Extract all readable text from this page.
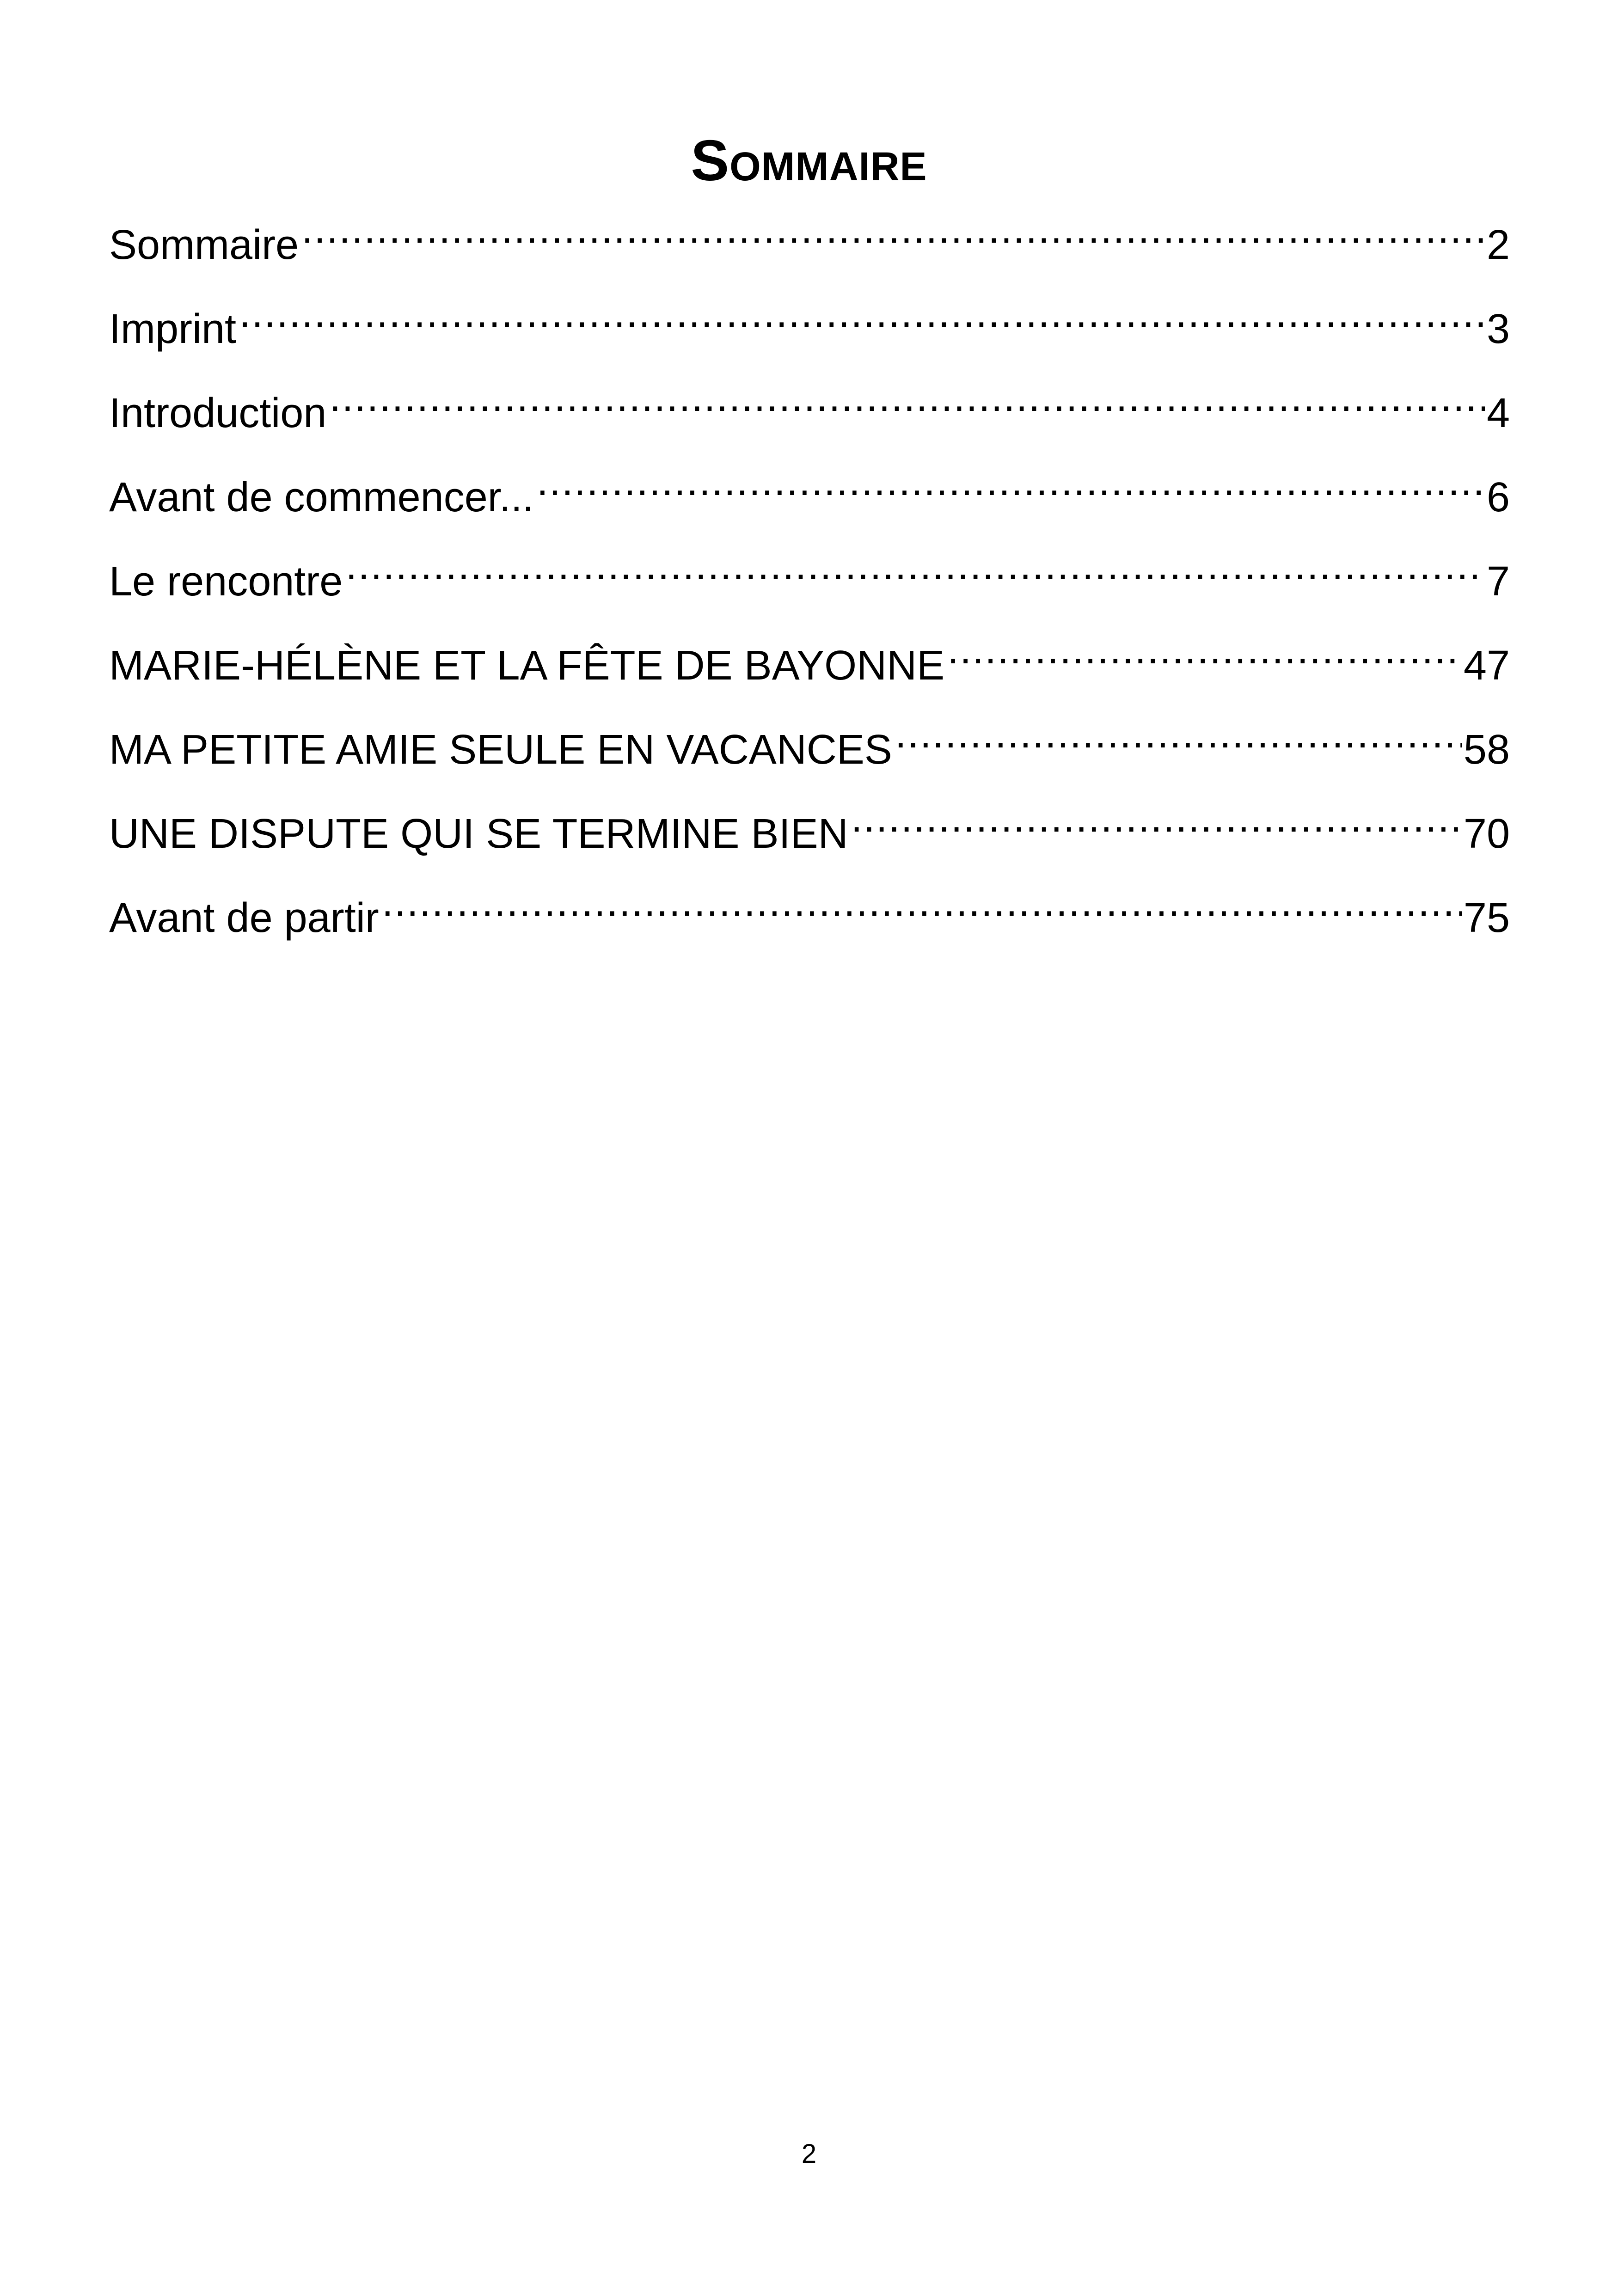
Sommaire
Sommaire .....	2
Imprint .....	3
Introduction .....	4
Avant de commencer... .....	6
Le rencontre .....	7
MARIE-HÉLÈNE ET LA FÊTE DE BAYONNE .....	47
MA PETITE AMIE SEULE EN VACANCES .....	58
UNE DISPUTE QUI SE TERMINE BIEN .....	70
Avant de partir .....	75
2
